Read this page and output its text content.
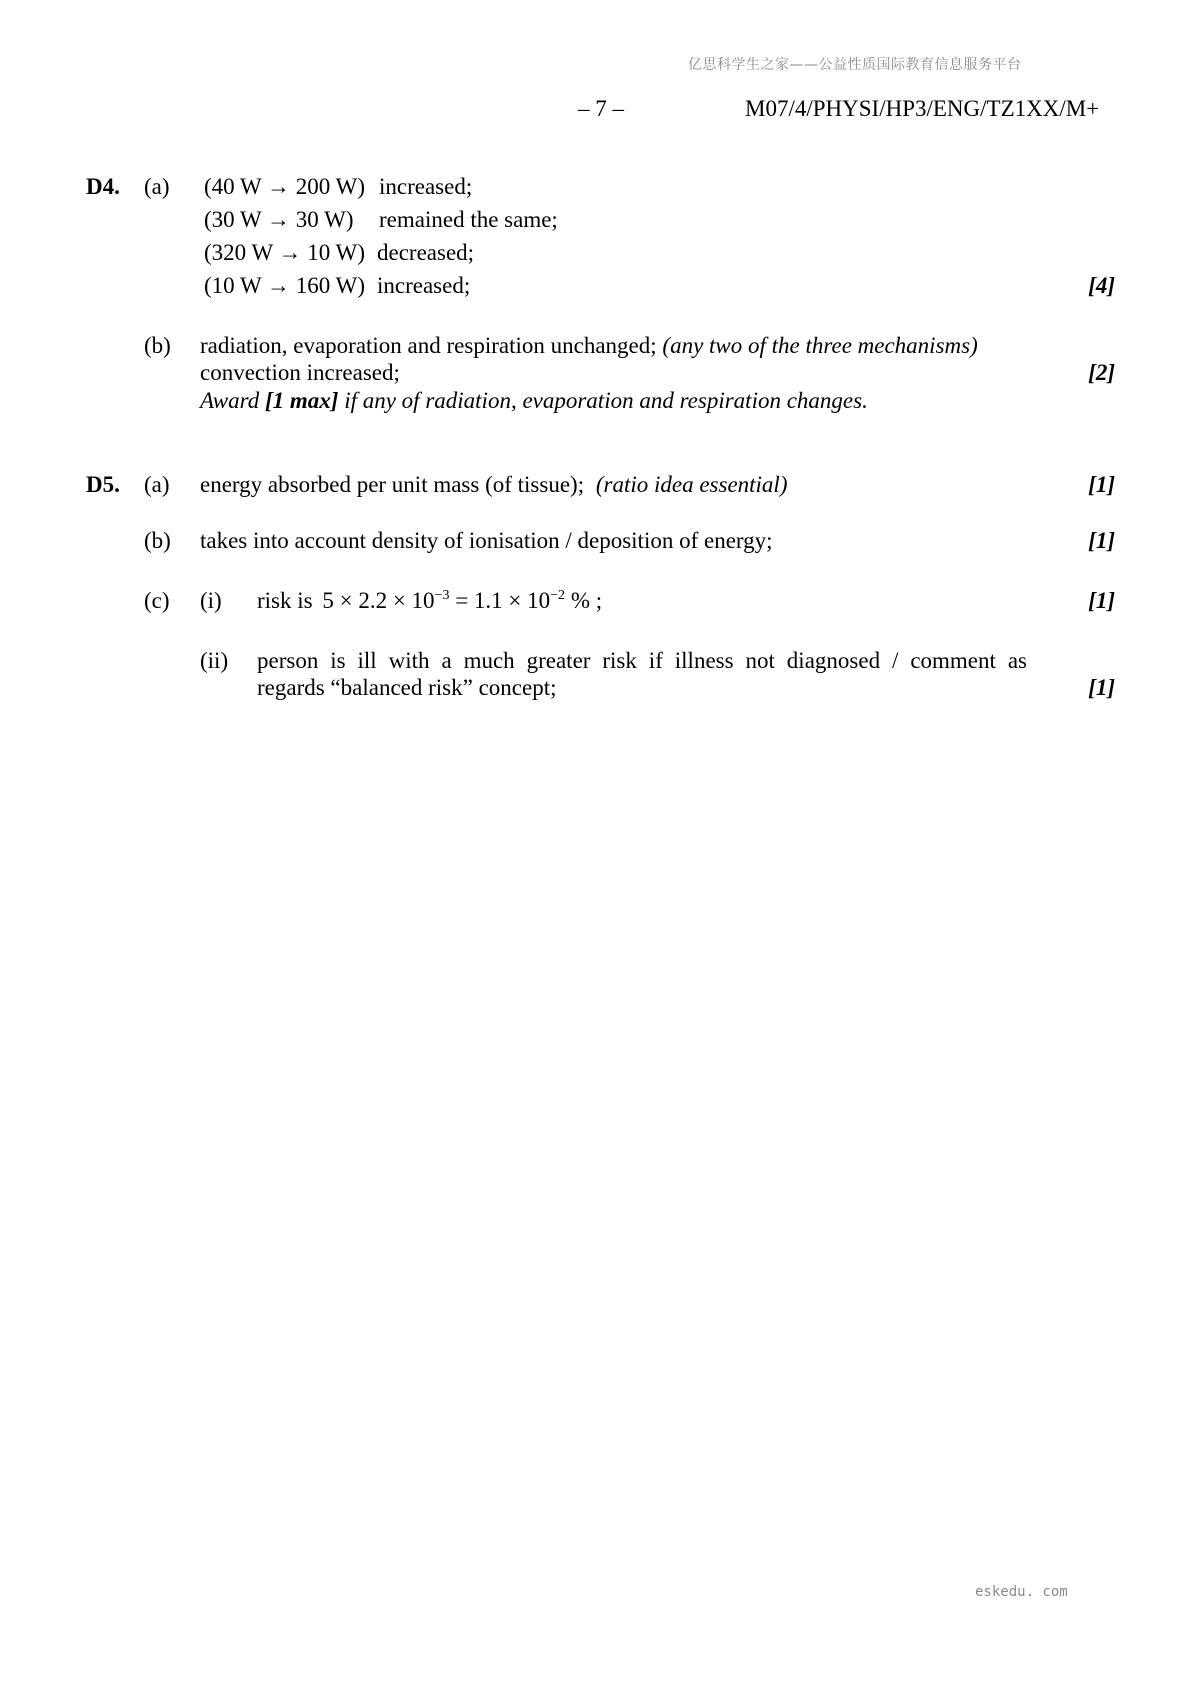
亿思科学生之家——公益性质国际教育信息服务平台
– 7 –	M07/4/PHYSI/HP3/ENG/TZ1XX/M+
D4. (a) (40 W → 200 W) increased;
(30 W → 30 W) remained the same;
(320 W → 10 W) decreased;
(10 W → 160 W) increased;	[4]
(b) radiation, evaporation and respiration unchanged; (any two of the three mechanisms)
convection increased;	[2]
Award [1 max] if any of radiation, evaporation and respiration changes.
D5. (a) energy absorbed per unit mass (of tissue); (ratio idea essential)	[1]
(b) takes into account density of ionisation / deposition of energy;	[1]
(c) (i) risk is $5 \times 2.2 \times 10^{-3} = 1.1 \times 10^{-2}$ % ;	[1]
(ii) person is ill with a much greater risk if illness not diagnosed / comment as
regards “balanced risk” concept;	[1]
eskedu. com
